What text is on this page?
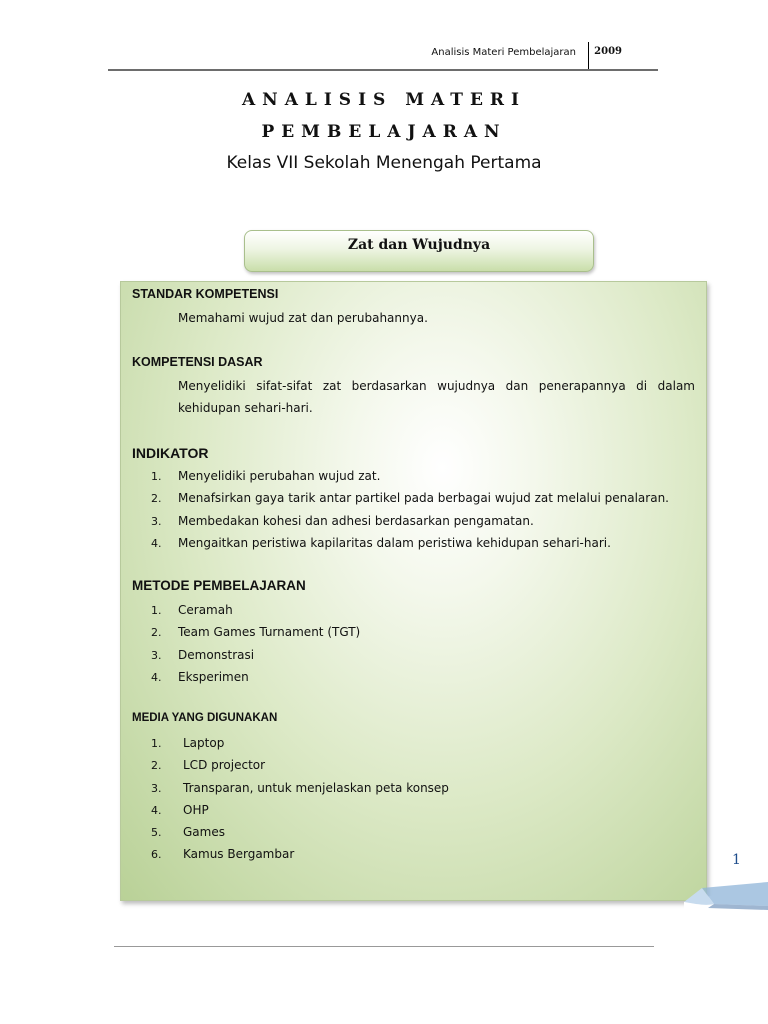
Analisis Materi Pembelajaran 2009
ANALISIS MATERI
PEMBELAJARAN
Kelas VII Sekolah Menengah Pertama
Zat dan Wujudnya
STANDAR KOMPETENSI
Memahami wujud zat dan perubahannya.
KOMPETENSI DASAR
Menyelidiki sifat-sifat zat berdasarkan wujudnya dan penerapannya di dalam
kehidupan sehari-hari.
INDIKATOR
1. Menyelidiki perubahan wujud zat.
2. Menafsirkan gaya tarik antar partikel pada berbagai wujud zat melalui penalaran.
3. Membedakan kohesi dan adhesi berdasarkan pengamatan.
4. Mengaitkan peristiwa kapilaritas dalam peristiwa kehidupan sehari-hari.
METODE PEMBELAJARAN
1. Ceramah
2. Team Games Turnament (TGT)
3. Demonstrasi
4. Eksperimen
MEDIA YANG DIGUNAKAN
1. Laptop
2. LCD projector
3. Transparan, untuk menjelaskan peta konsep
4. OHP
5. Games
6. Kamus Bergambar	1
